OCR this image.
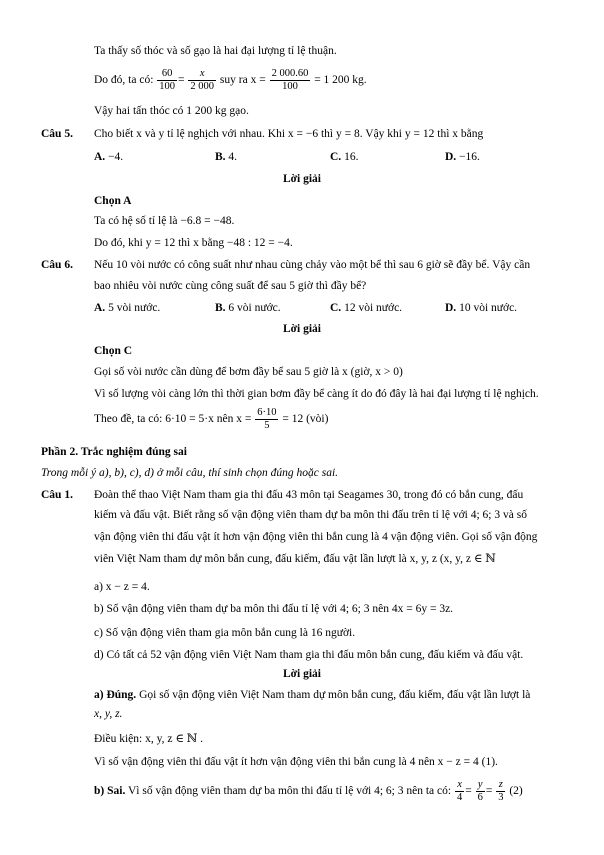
Ta thấy số thóc và số gạo là hai đại lượng tỉ lệ thuận.
Do đó, ta có: $\frac{60}{100} = \frac{x}{2 000}$ suy ra $x = \frac{2 000.60}{100} = 1$ 200 kg.
Vậy hai tấn thóc có 1 200 kg gạo.
Câu 5. Cho biết x và y tỉ lệ nghịch với nhau. Khi x = −6 thì y = 8. Vậy khi y = 12 thì x bằng
A. −4.	B. 4.	C. 16.	D. −16.
Lời giải
Chọn A
Ta có hệ số tỉ lệ là −6.8 = −48.
Do đó, khi y = 12 thì x bằng −48 : 12 = −4.
Câu 6. Nếu 10 vòi nước có công suất như nhau cùng chảy vào một bể thì sau 6 giờ sẽ đầy bể. Vậy cần
bao nhiêu vòi nước cùng công suất để sau 5 giờ thì đầy bể?
A. 5 vòi nước.	B. 6 vòi nước.	C. 12 vòi nước.	D. 10 vòi nước.
Lời giải
Chọn C
Gọi số vòi nước cần dùng để bơm đầy bể sau 5 giờ là x (giờ, x > 0)
Vì số lượng vòi càng lớn thì thời gian bơm đầy bể càng ít do đó đây là hai đại lượng tỉ lệ nghịch.
Theo đề, ta có: 6·10 = 5·x nên $x = \frac{6\cdot 10}{5} = 12$ (vòi)
Phần 2. Trắc nghiệm đúng sai
Trong mỗi ý a), b), c), d) ở mỗi câu, thí sinh chọn đúng hoặc sai.
Câu 1. Đoàn thể thao Việt Nam tham gia thi đấu 43 môn tại Seagames 30, trong đó có bắn cung, đấu
kiếm và đấu vật. Biết rằng số vận động viên tham dự ba môn thi đấu trên tỉ lệ với 4; 6; 3 và số
vận động viên thi đấu vật ít hơn vận động viên thi bắn cung là 4 vận động viên. Gọi số vận động
viên Việt Nam tham dự môn bắn cung, đấu kiếm, đấu vật lần lượt là x, y, z (x, y, z ∈ ℕ
a) x − z = 4.
b) Số vận động viên tham dự ba môn thi đấu tỉ lệ với 4; 6; 3 nên 4x = 6y = 3z.
c) Số vận động viên tham gia môn bắn cung là 16 người.
d) Có tất cả 52 vận động viên Việt Nam tham gia thi đấu môn bắn cung, đấu kiếm và đấu vật.
Lời giải
a) Đúng. Gọi số vận động viên Việt Nam tham dự môn bắn cung, đấu kiếm, đấu vật lần lượt là
x, y, z.
Điều kiện: x, y, z ∈ ℕ .
Vì số vận động viên thi đấu vật ít hơn vận động viên thi bắn cung là 4 nên x − z = 4 (1).
b) Sai. Vì số vận động viên tham dự ba môn thi đấu tỉ lệ với 4; 6; 3 nên ta có: $\frac{x}{4} = \frac{y}{6} = \frac{z}{3} (2)$
